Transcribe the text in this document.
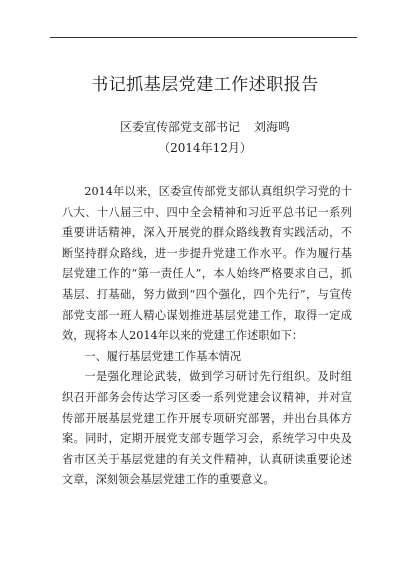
书记抓基层党建工作述职报告
区委宣传部党支部书记 刘海鸣
（2014年12月）

2014年以来，区委宣传部党支部认真组织学习党的十八大、十八届三中、四中全会精神和习近平总书记一系列重要讲话精神，深入开展党的群众路线教育实践活动，不断坚持群众路线，进一步提升党建工作水平。作为履行基层党建工作的“第一责任人”，本人始终严格要求自己，抓基层、打基础，努力做到“四个强化，四个先行”，与宣传部党支部一班人精心谋划推进基层党建工作，取得一定成效，现将本人2014年以来的党建工作述职如下：

一、履行基层党建工作基本情况

一是强化理论武装，做到学习研讨先行组织。及时组织召开部务会传达学习区委一系列党建会议精神，并对宣传部开展基层党建工作开展专项研究部署，并出台具体方案。同时，定期开展党支部专题学习会，系统学习中央及省市区关于基层党建的有关文件精神，认真研读重要论述文章，深刻领会基层党建工作的重要意义。
